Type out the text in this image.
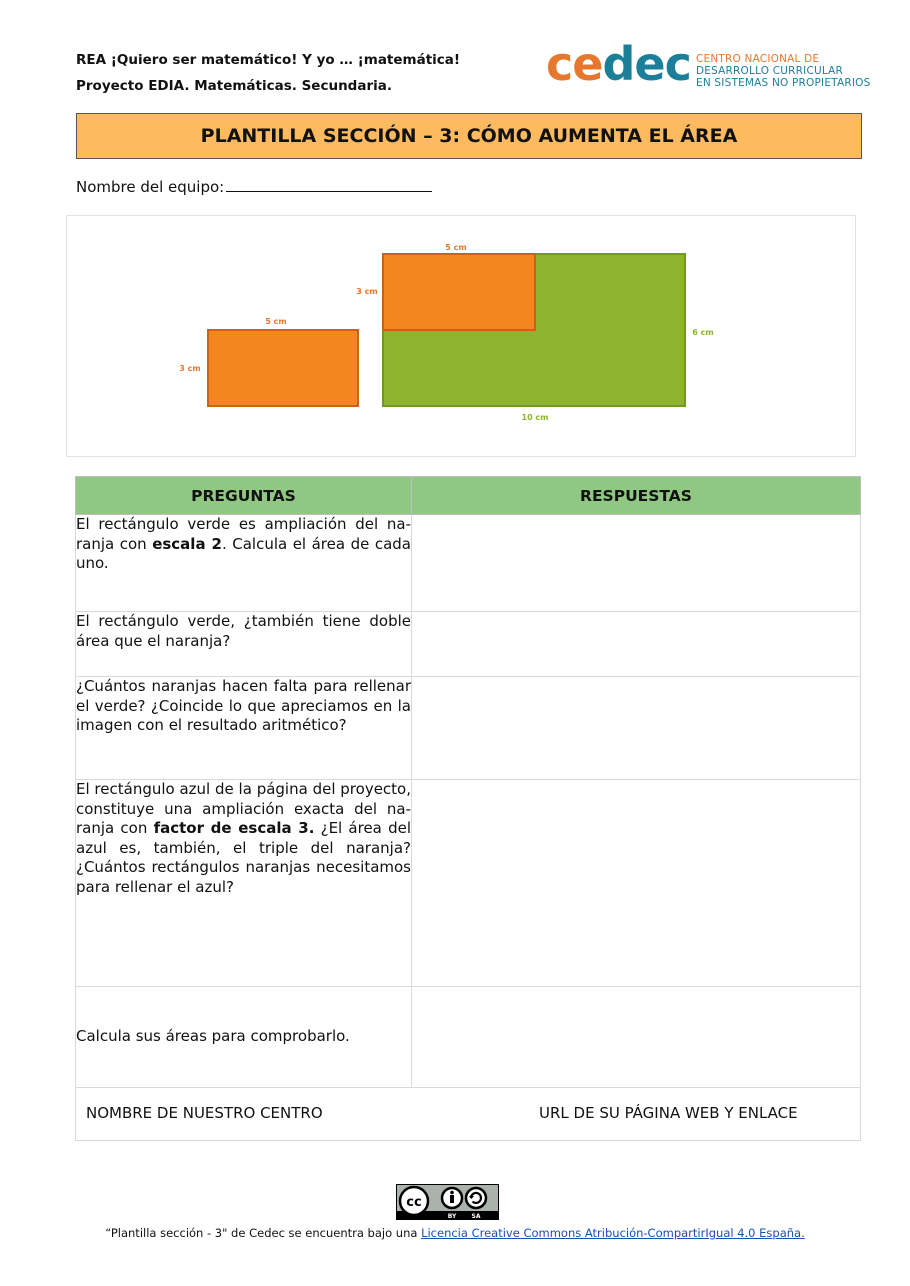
REA ¡Quiero ser matemático! Y yo … ¡matemática!
Proyecto EDIA. Matemáticas. Secundaria.	cedec CENTRO NACIONAL DE
DESARROLLO CURRICULAR
EN SISTEMAS NO PROPIETARIOS
PLANTILLA SECCIÓN – 3: CÓMO AUMENTA EL ÁREA
Nombre del equipo:
5 cm
3 cm
5 cm
3 cm
6 cm
10 cm
PREGUNTAS	RESPUESTAS

El rectángulo verde es ampliación del na- ranja con escala 2. Calcula el área de cada uno.	

El rectángulo verde, ¿también tiene doble área que el naranja?	

¿Cuántos naranjas hacen falta para rellenar el verde? ¿Coincide lo que apreciamos en la imagen con el resultado aritmético?	

El rectángulo azul de la página del proyecto, constituye una ampliación exacta del na- ranja con factor de escala 3. ¿El área del azul es, también, el triple del naranja? ¿Cuántos rectángulos naranjas necesitamos para rellenar el azul?	

Calcula sus áreas para comprobarlo.	

NOMBRE DE NUESTRO CENTRO URL DE SU PÁGINA WEB Y ENLACE	
cc
BY	SA
“Plantilla sección - 3" de Cedec se encuentra bajo una Licencia Creative Commons Atribución-CompartirIgual 4.0 España.
